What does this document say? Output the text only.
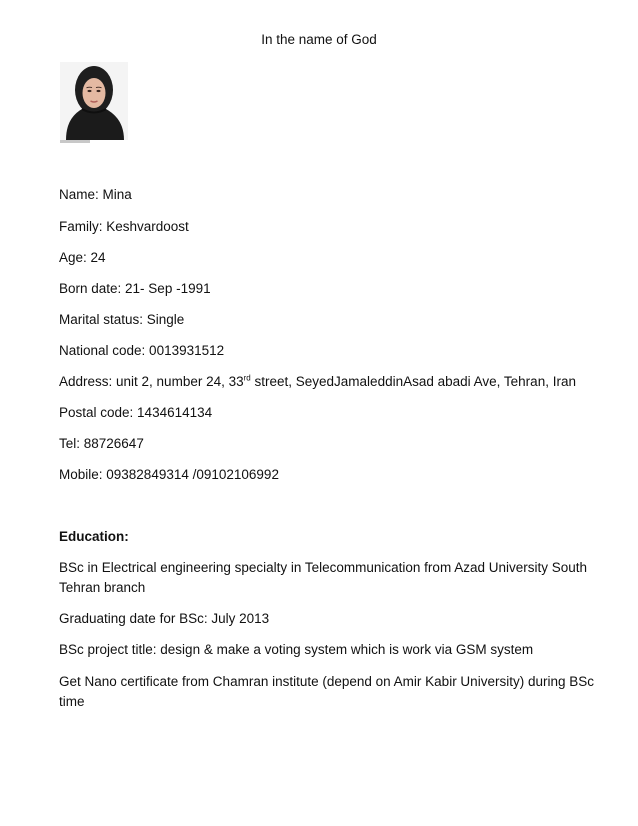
In the name of God
Name: Mina
Family: Keshvardoost
Age: 24
Born date: 21- Sep -1991
Marital status: Single
National code: 0013931512
Address: unit 2, number 24, 33rd street, SeyedJamaleddinAsad abadi Ave, Tehran, Iran
Postal code: 1434614134
Tel: 88726647
Mobile: 09382849314 /09102106992
Education:
BSc in Electrical engineering specialty in Telecommunication from Azad University South Tehran branch
Graduating date for BSc: July 2013
BSc project title: design & make a voting system which is work via GSM system
Get Nano certificate from Chamran institute (depend on Amir Kabir University) during BSc time
